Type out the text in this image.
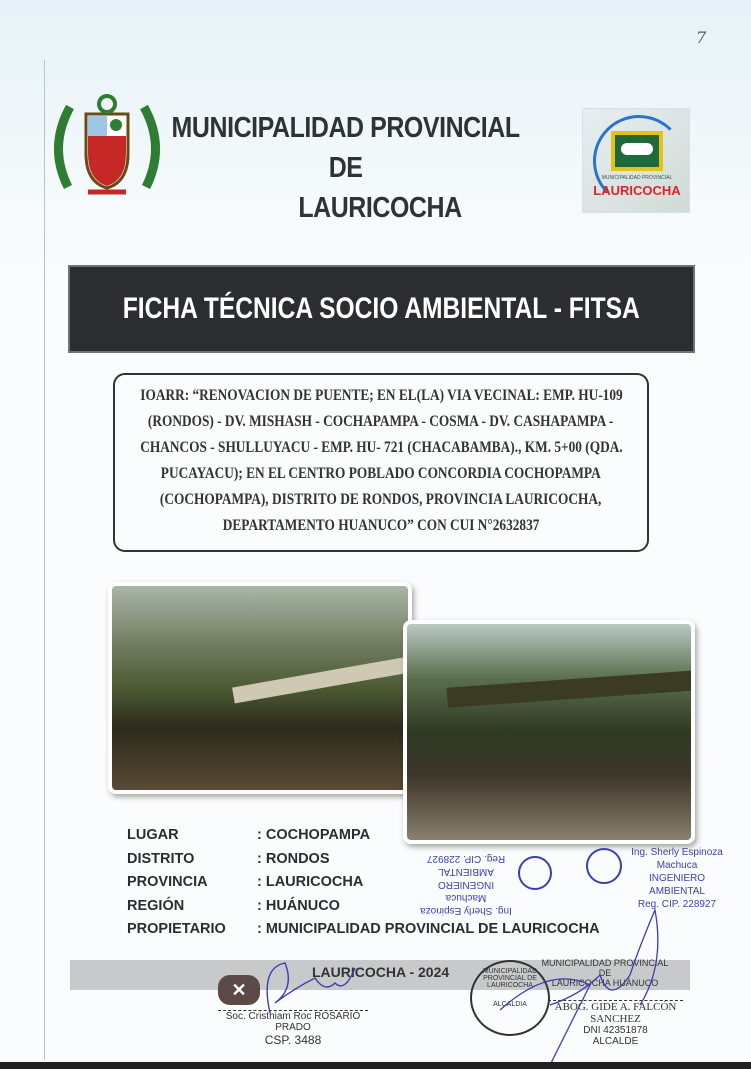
7
MUNICIPALIDAD PROVINCIAL DE
LAURICOCHA
MUNICIPALIDAD PROVINCIAL
LAURICOCHA
FICHA TÉCNICA SOCIO AMBIENTAL - FITSA
IOARR: “RENOVACION DE PUENTE; EN EL(LA) VIA VECINAL: EMP. HU-109
(RONDOS) - DV. MISHASH - COCHAPAMPA - COSMA - DV. CASHAPAMPA -
CHANCOS - SHULLUYACU - EMP. HU- 721 (CHACABAMBA)., KM. 5+00 (QDA.
PUCAYACU); EN EL CENTRO POBLADO CONCORDIA COCHOPAMPA
(COCHOPAMPA), DISTRITO DE RONDOS, PROVINCIA LAURICOCHA,
DEPARTAMENTO HUANUCO” CON CUI N°2632837
LUGAR	: COCHOPAMPA
DISTRITO	: RONDOS
PROVINCIA	: LAURICOCHA
REGIÓN	: HUÁNUCO
PROPIETARIO	: MUNICIPALIDAD PROVINCIAL DE LAURICOCHA
Ing. Sherly Espinoza Machuca
INGENIERO AMBIENTAL
Reg. CIP. 228927
Ing. Sherly Espinoza Machuca
INGENIERO AMBIENTAL
Reg. CIP. 228927
LAURICOCHA - 2024
✕
Soc. Cristhiam Roc ROSARIO PRADO
CSP. 3488
MUNICIPALIDAD PROVINCIAL DE
LAURICOCHA HUÁNUCO
MUNICIPALIDAD PROVINCIAL DE LAURICOCHA
ALCALDIA	ABOG. GIDE A. FALCÓN SANCHEZ
DNI 42351878
ALCALDE
